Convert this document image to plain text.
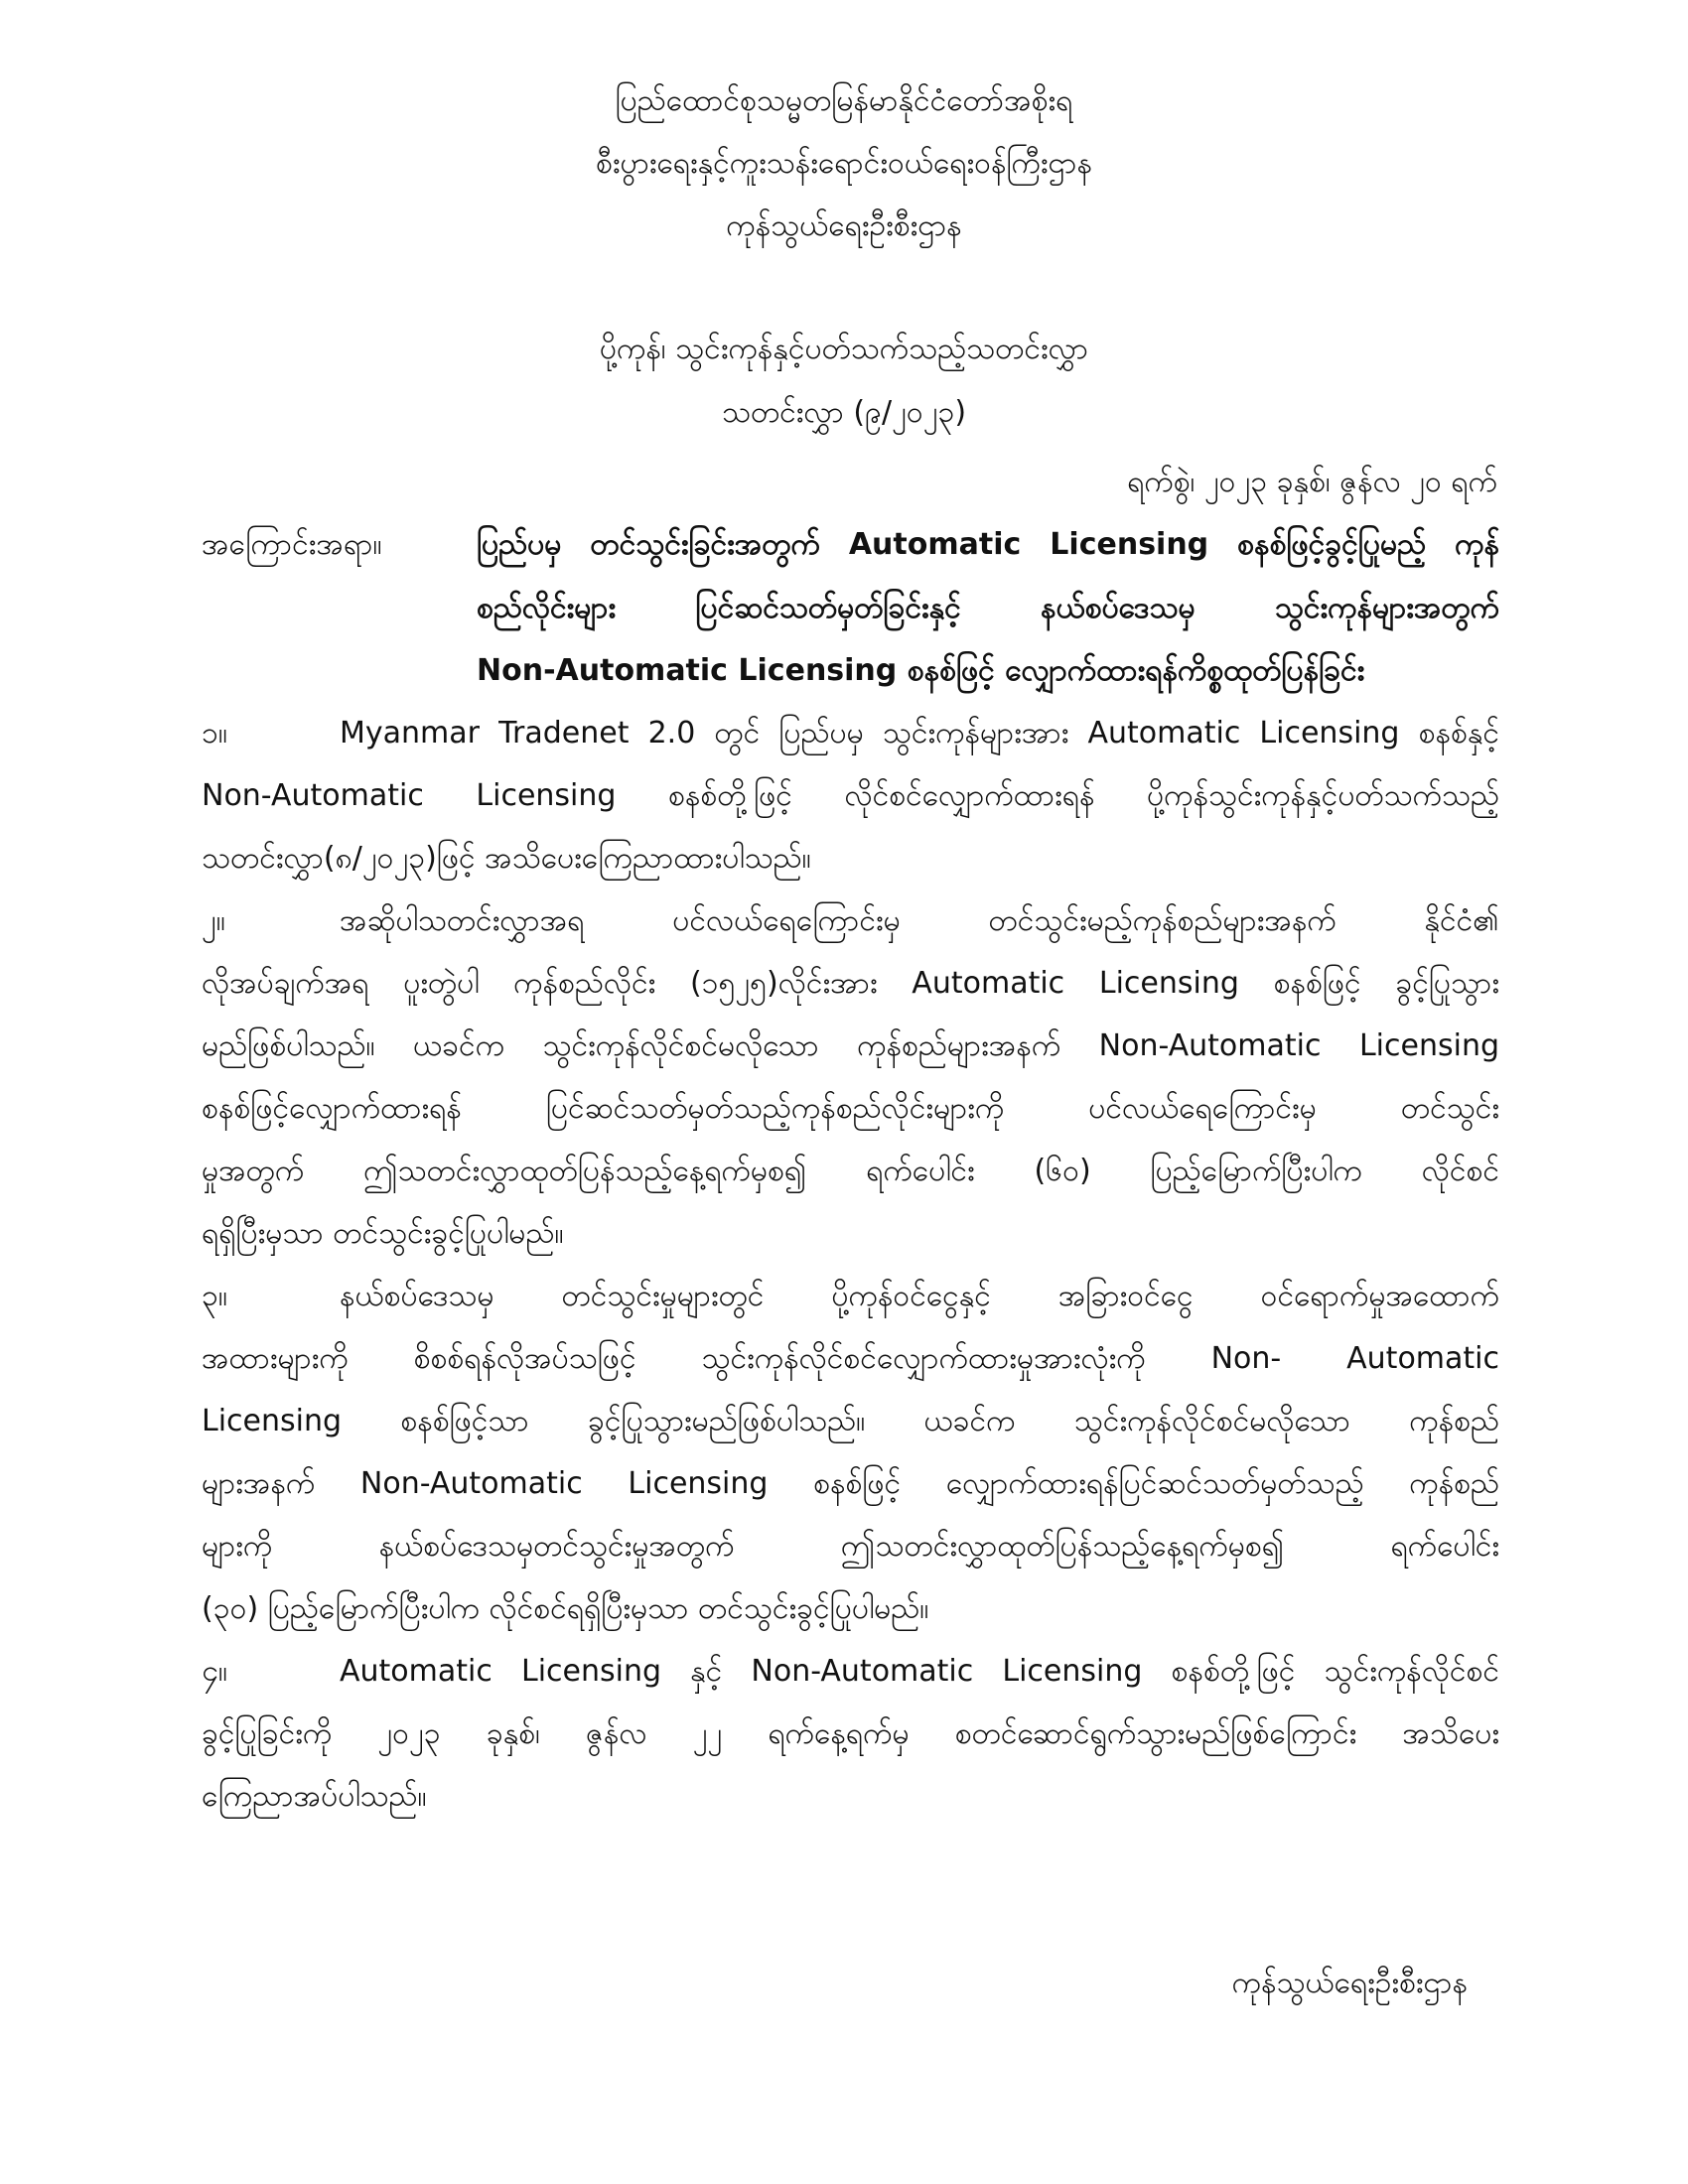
ပြည်ထောင်စုသမ္မတမြန်မာနိုင်ငံတော်အစိုးရ
စီးပွားရေးနှင့်ကူးသန်းရောင်းဝယ်ရေးဝန်ကြီးဌာန
ကုန်သွယ်ရေးဦးစီးဌာန
ပို့ကုန်၊ သွင်းကုန်နှင့်ပတ်သက်သည့်သတင်းလွှာ
သတင်းလွှာ (၉/၂၀၂၃)
ရက်စွဲ၊ ၂၀၂၃ ခုနှစ်၊ ဇွန်လ ၂၀ ရက်
အကြောင်းအရာ။	ပြည်ပမှ တင်သွင်းခြင်းအတွက် Automatic Licensing စနစ်ဖြင့်ခွင့်ပြုမည့် ကုန်
စည်လိုင်းများ ပြင်ဆင်သတ်မှတ်ခြင်းနှင့် နယ်စပ်ဒေသမှ သွင်းကုန်များအတွက်
Non-Automatic Licensing စနစ်ဖြင့် လျှောက်ထားရန်ကိစ္စထုတ်ပြန်ခြင်း
၁။	Myanmar Tradenet 2.0 တွင် ပြည်ပမှ သွင်းကုန်များအား Automatic Licensing စနစ်နှင့်
Non-Automatic Licensing စနစ်တို့ဖြင့် လိုင်စင်လျှောက်ထားရန် ပို့ကုန်သွင်းကုန်နှင့်ပတ်သက်သည့်
သတင်းလွှာ(၈/၂၀၂၃)ဖြင့် အသိပေးကြေညာထားပါသည်။
၂။	အဆိုပါသတင်းလွှာအရ ပင်လယ်ရေကြောင်းမှ တင်သွင်းမည့်ကုန်စည်များအနက် နိုင်ငံ၏
လိုအပ်ချက်အရ ပူးတွဲပါ ကုန်စည်လိုင်း (၁၅၂၅)လိုင်းအား Automatic Licensing စနစ်ဖြင့် ခွင့်ပြုသွား
မည်ဖြစ်ပါသည်။ ယခင်က သွင်းကုန်လိုင်စင်မလိုသော ကုန်စည်များအနက် Non-Automatic Licensing
စနစ်ဖြင့်လျှောက်ထားရန် ပြင်ဆင်သတ်မှတ်သည့်ကုန်စည်လိုင်းများကို ပင်လယ်ရေကြောင်းမှ တင်သွင်း
မှုအတွက် ဤသတင်းလွှာထုတ်ပြန်သည့်နေ့ရက်မှစ၍ ရက်ပေါင်း (၆၀) ပြည့်မြောက်ပြီးပါက လိုင်စင်
ရရှိပြီးမှသာ တင်သွင်းခွင့်ပြုပါမည်။
၃။	နယ်စပ်ဒေသမှ တင်သွင်းမှုများတွင် ပို့ကုန်ဝင်ငွေနှင့် အခြားဝင်ငွေ ဝင်ရောက်မှုအထောက်
အထားများကို စိစစ်ရန်လိုအပ်သဖြင့် သွင်းကုန်လိုင်စင်လျှောက်ထားမှုအားလုံးကို Non- Automatic
Licensing စနစ်ဖြင့်သာ ခွင့်ပြုသွားမည်ဖြစ်ပါသည်။ ယခင်က သွင်းကုန်လိုင်စင်မလိုသော ကုန်စည်
များအနက် Non-Automatic Licensing စနစ်ဖြင့် လျှောက်ထားရန်ပြင်ဆင်သတ်မှတ်သည့် ကုန်စည်
များကို နယ်စပ်ဒေသမှတင်သွင်းမှုအတွက် ဤသတင်းလွှာထုတ်ပြန်သည့်နေ့ရက်မှစ၍ ရက်ပေါင်း
(၃၀) ပြည့်မြောက်ပြီးပါက လိုင်စင်ရရှိပြီးမှသာ တင်သွင်းခွင့်ပြုပါမည်။
၄။	Automatic Licensing နှင့် Non-Automatic Licensing စနစ်တို့ဖြင့် သွင်းကုန်လိုင်စင်
ခွင့်ပြုခြင်းကို ၂၀၂၃ ခုနှစ်၊ ဇွန်လ ၂၂ ရက်နေ့ရက်မှ စတင်ဆောင်ရွက်သွားမည်ဖြစ်ကြောင်း အသိပေး
ကြေညာအပ်ပါသည်။
ကုန်သွယ်ရေးဦးစီးဌာန
